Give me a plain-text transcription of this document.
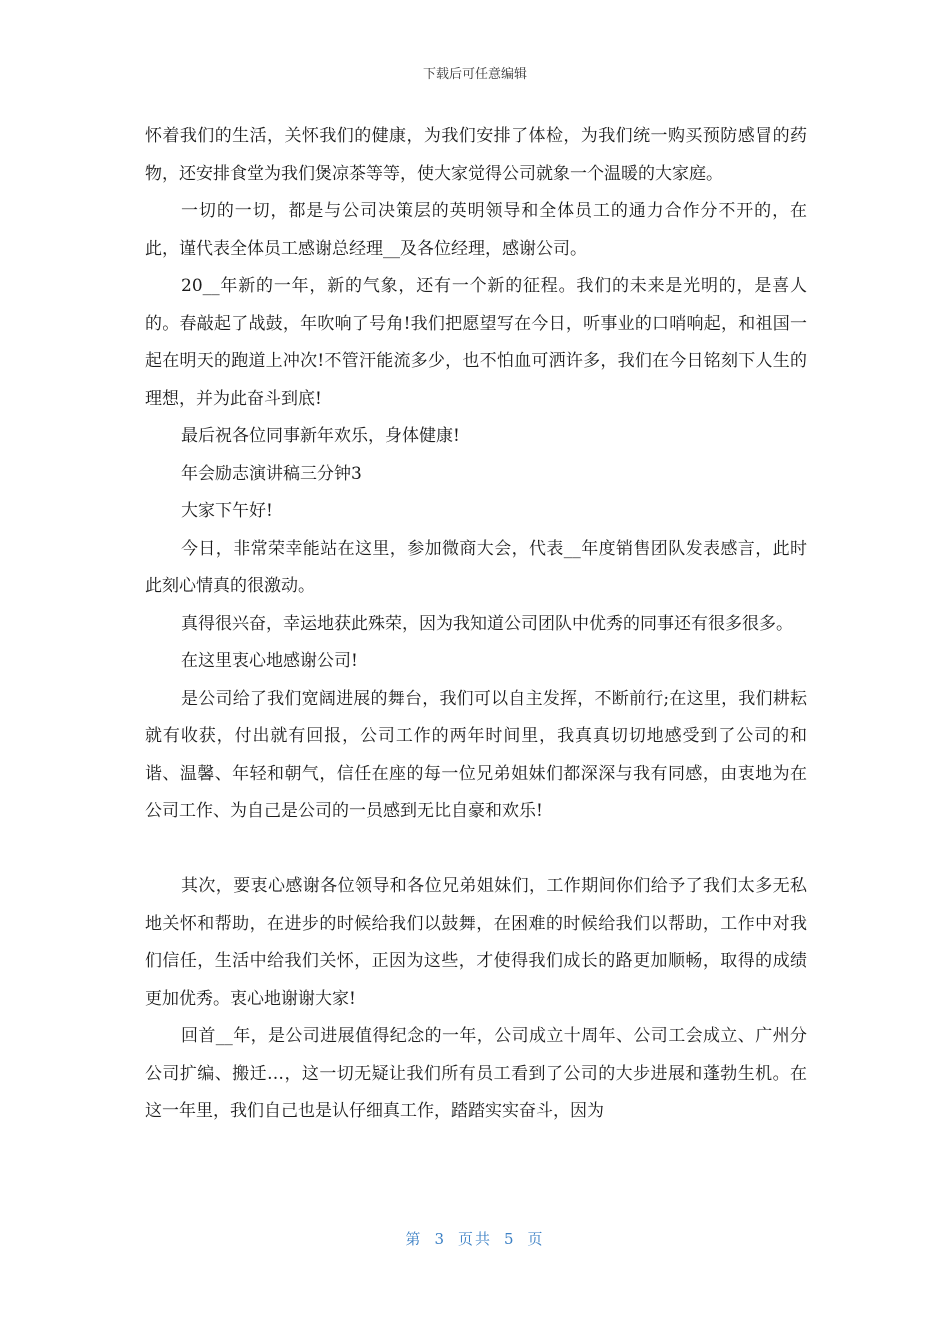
下载后可任意编辑

怀着我们的生活，关怀我们的健康，为我们安排了体检，为我们统一购买预防感冒的药物，还安排食堂为我们煲凉茶等等，使大家觉得公司就象一个温暖的大家庭。

一切的一切，都是与公司决策层的英明领导和全体员工的通力合作分不开的，在此，谨代表全体员工感谢总经理__及各位经理，感谢公司。

20__年新的一年，新的气象，还有一个新的征程。我们的未来是光明的，是喜人的。春敲起了战鼓，年吹响了号角!我们把愿望写在今日，听事业的口哨响起，和祖国一起在明天的跑道上冲次!不管汗能流多少，也不怕血可洒许多，我们在今日铭刻下人生的理想，并为此奋斗到底!

最后祝各位同事新年欢乐，身体健康!

年会励志演讲稿三分钟3

大家下午好!

今日，非常荣幸能站在这里，参加微商大会，代表__年度销售团队发表感言，此时此刻心情真的很激动。

真得很兴奋，幸运地获此殊荣，因为我知道公司团队中优秀的同事还有很多很多。

在这里衷心地感谢公司!

是公司给了我们宽阔进展的舞台，我们可以自主发挥，不断前行;在这里，我们耕耘就有收获，付出就有回报，公司工作的两年时间里，我真真切切地感受到了公司的和谐、温馨、年轻和朝气，信任在座的每一位兄弟姐妹们都深深与我有同感，由衷地为在公司工作、为自己是公司的一员感到无比自豪和欢乐!

其次，要衷心感谢各位领导和各位兄弟姐妹们，工作期间你们给予了我们太多无私地关怀和帮助，在进步的时候给我们以鼓舞，在困难的时候给我们以帮助，工作中对我们信任，生活中给我们关怀，正因为这些，才使得我们成长的路更加顺畅，取得的成绩更加优秀。衷心地谢谢大家!

回首__年，是公司进展值得纪念的一年，公司成立十周年、公司工会成立、广州分公司扩编、搬迁…，这一切无疑让我们所有员工看到了公司的大步进展和蓬勃生机。在这一年里，我们自己也是认仔细真工作，踏踏实实奋斗，因为

第 3 页共 5 页
